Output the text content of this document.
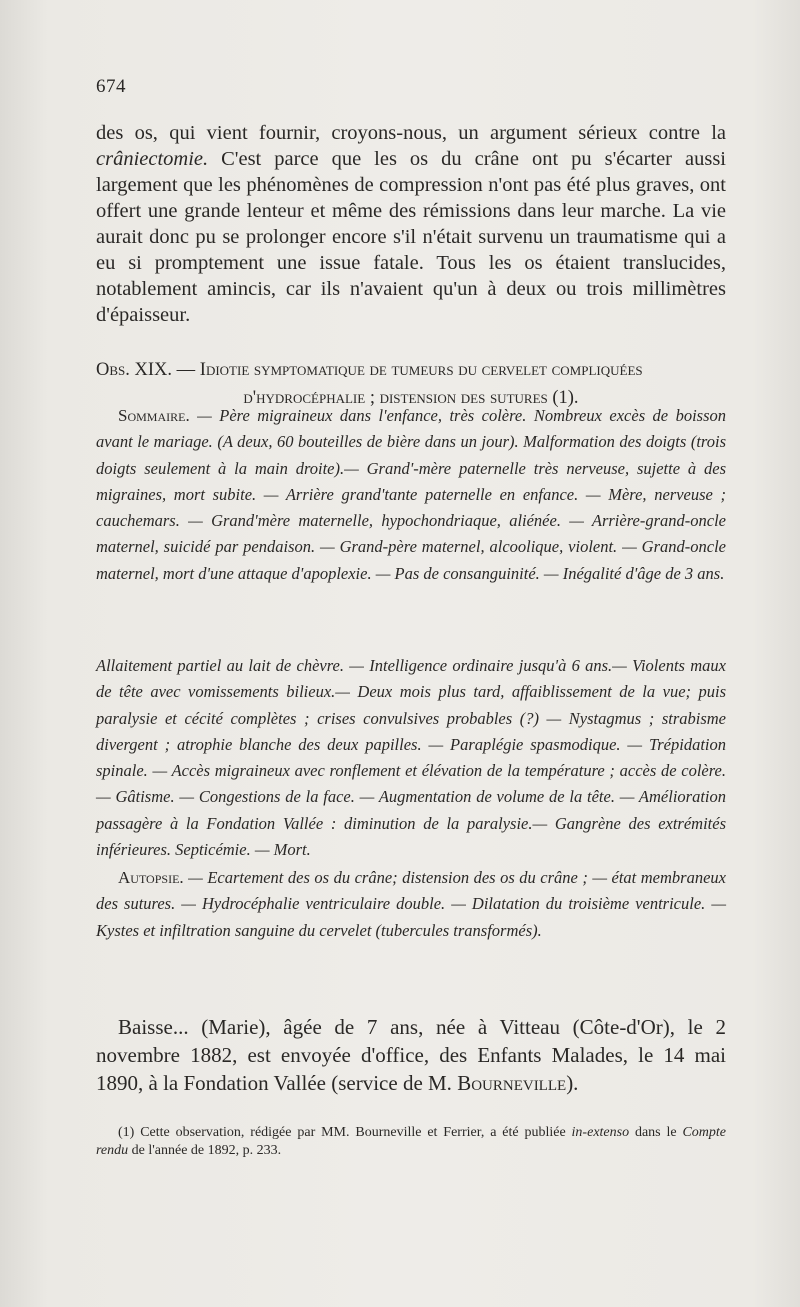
674

des os, qui vient fournir, croyons-nous, un argument sérieux contre la crâniectomie. C'est parce que les os du crâne ont pu s'écarter aussi largement que les phénomènes de compression n'ont pas été plus graves, ont offert une grande lenteur et même des rémissions dans leur marche. La vie aurait donc pu se prolonger encore s'il n'était survenu un traumatisme qui a eu si promptement une issue fatale. Tous les os étaient translucides, notablement amincis, car ils n'avaient qu'un à deux ou trois millimètres d'épaisseur.

Obs. XIX. — Idiotie symptomatique de tumeurs du cervelet compliquées
d'hydrocéphalie ; distension des sutures (1).

Sommaire. — Père migraineux dans l'enfance, très colère. Nombreux excès de boisson avant le mariage. (A deux, 60 bouteilles de bière dans un jour). Malformation des doigts (trois doigts seulement à la main droite).— Grand'-mère paternelle très nerveuse, sujette à des migraines, mort subite. — Arrière grand'tante paternelle en enfance. — Mère, nerveuse ; cauchemars. — Grand'mère maternelle, hypochondriaque, aliénée. — Arrière-grand-oncle maternel, suicidé par pendaison. — Grand-père maternel, alcoolique, violent. — Grand-oncle maternel, mort d'une attaque d'apoplexie. — Pas de consanguinité. — Inégalité d'âge de 3 ans.

Allaitement partiel au lait de chèvre. — Intelligence ordinaire jusqu'à 6 ans.— Violents maux de tête avec vomissements bilieux.— Deux mois plus tard, affaiblissement de la vue; puis paralysie et cécité complètes ; crises convulsives probables (?) — Nystagmus ; strabisme divergent ; atrophie blanche des deux papilles. — Paraplégie spasmodique. — Trépidation spinale. — Accès migraineux avec ronflement et élévation de la température ; accès de colère. — Gâtisme. — Congestions de la face. — Augmentation de volume de la tête. — Amélioration passagère à la Fondation Vallée : diminution de la paralysie.— Gangrène des extrémités inférieures. Septicémie. — Mort.

Autopsie. — Ecartement des os du crâne; distension des os du crâne ; — état membraneux des sutures. — Hydrocéphalie ventriculaire double. — Dilatation du troisième ventricule. — Kystes et infiltration sanguine du cervelet (tubercules transformés).

Baisse... (Marie), âgée de 7 ans, née à Vitteau (Côte-d'Or), le 2 novembre 1882, est envoyée d'office, des Enfants Malades, le 14 mai 1890, à la Fondation Vallée (service de M. Bourneville).

(1) Cette observation, rédigée par MM. Bourneville et Ferrier, a été publiée in-extenso dans le Compte rendu de l'année de 1892, p. 233.
